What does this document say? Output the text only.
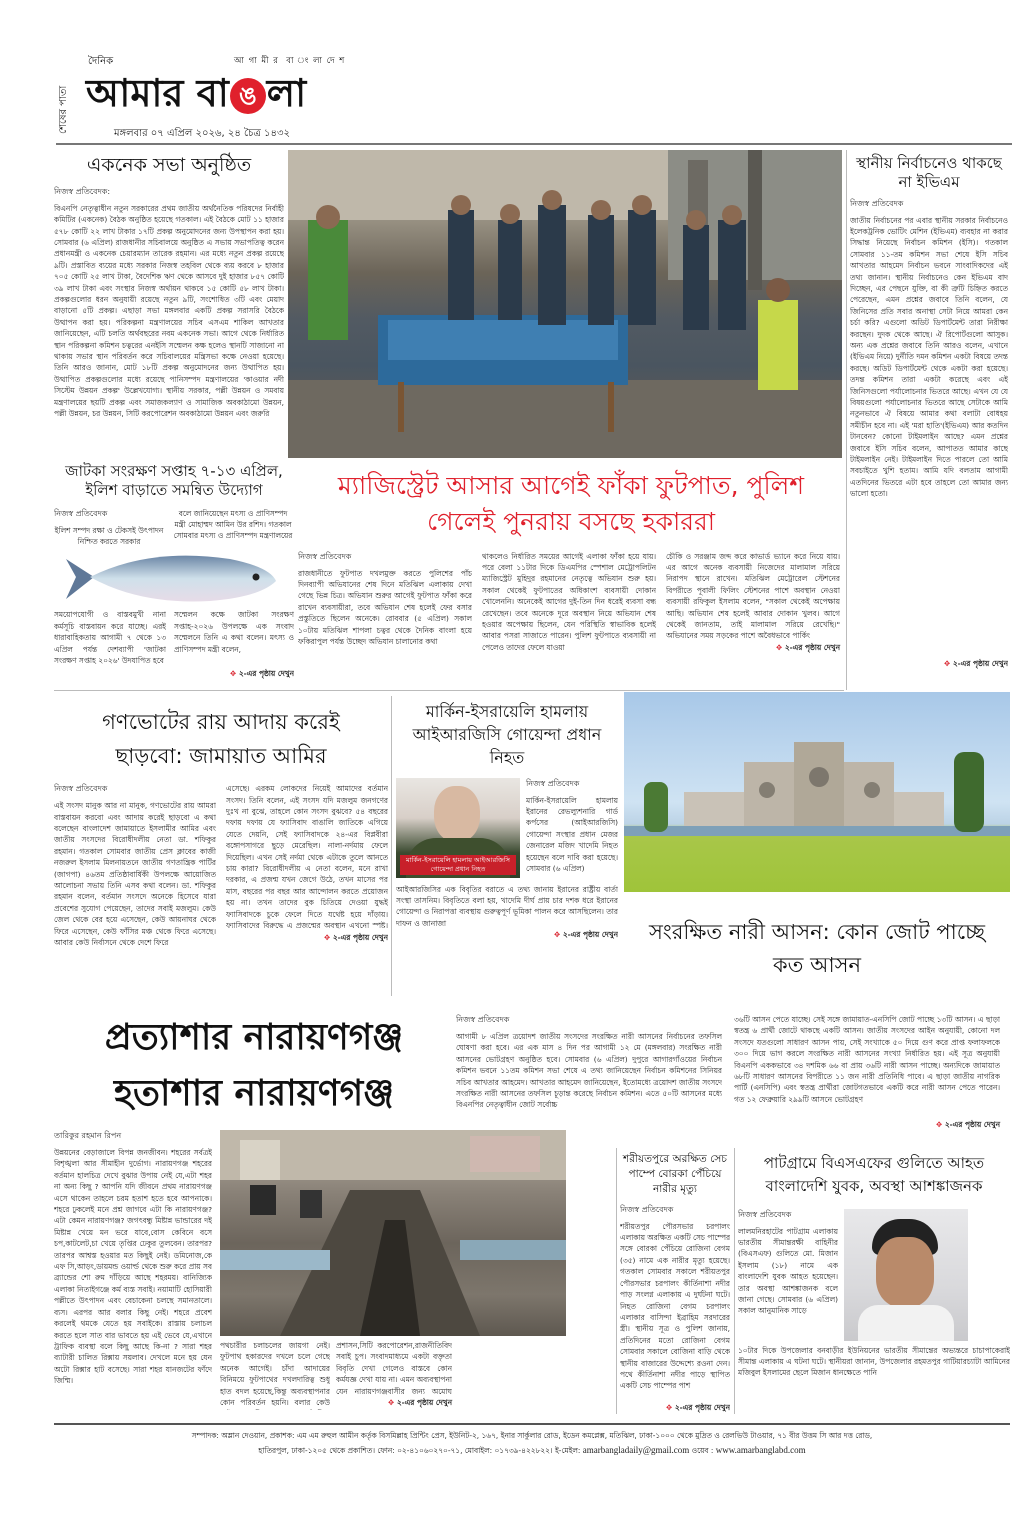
শেষের পাতা
দৈনিক	আ গা মী র  বা ং লা দে শ
আমার বা ঙ লা
মঙ্গলবার ০৭ এপ্রিল ২০২৬, ২৪ চৈত্র ১৪৩২
একনেক সভা অনুষ্ঠিত
নিজস্ব প্রতিবেদক:
বিএনপি নেতৃত্বাধীন নতুন সরকারের প্রথম জাতীয় অর্থনৈতিক পরিষদের নির্বাহী কমিটির (একনেক) বৈঠক অনুষ্ঠিত হয়েছে গতকাল। এই বৈঠকে মোট ১১ হাজার ৫৭৮ কোটি ২২ লাখ টাকার ১৭টি প্রকল্প অনুমোদনের জন্য উপস্থাপন করা হয়। সোমবার (৬ এপ্রিল) রাজধানীর সচিবালয়ে অনুষ্ঠিত এ সভায় সভাপতিত্ব করেন প্রধানমন্ত্রী ও একনেক চেয়ারম্যান তারেক রহমান। এর মধ্যে নতুন প্রকল্প রয়েছে ৯টি। প্রস্তাবিত ব্যয়ের মধ্যে সরকার নিজস্ব তহবিল থেকে ব্যয় করবে ৮ হাজার ৭০৫ কোটি ২৫ লাখ টাকা, বৈদেশিক ঋণ থেকে আসবে দুই হাজার ৮৫৭ কোটি ৩৯ লাখ টাকা এবং সংস্থার নিজস্ব অর্থায়ন থাকবে ১৫ কোটি ৫৮ লাখ টাকা। প্রকল্পগুলোর ধরন অনুযায়ী রয়েছে নতুন ৯টি, সংশোধিত ৩টি এবং মেয়াদ বাড়ানো ৫টি প্রকল্প। এছাড়া সভা মঙ্গলবার একটি প্রকল্প সরাসরি বৈঠকে উত্থাপন করা হয়। পরিকল্পনা মন্ত্রণালয়ের সচিব এসএম শাকিল আখতার জানিয়েছেন, এটি চলতি অর্থবছরের নবম একনেক সভা। আগে থেকে নির্ধারিত স্থান পরিকল্পনা কমিশন চত্বরের এনইসি সম্মেলন কক্ষ হলেও স্থানটি সাজানো না থাকায় সভার স্থান পরিবর্তন করে সচিবালয়ের মন্ত্রিসভা কক্ষে নেওয়া হয়েছে। তিনি আরও জানান, মোট ১৮টি প্রকল্প অনুমোদনের জন্য উত্থাপিত হয়। উত্থাপিত প্রকল্পগুলোর মধ্যে রয়েছে পানিসম্পদ মন্ত্রণালয়ের 'কাওয়ার নদী সিস্টেম উন্নয়ন প্রকল্প' উল্লেখযোগ্য। স্থানীয় সরকার, পল্লী উন্নয়ন ও সমবায় মন্ত্রণালয়ের ছয়টি প্রকল্প এবং সমাজকল্যাণ ও সামাজিক অবকাঠামো উন্নয়ন, পল্লী উন্নয়ন, চর উন্নয়ন, সিটি করপোরেশন অবকাঠামো উন্নয়ন এবং জরুরি
স্থানীয় নির্বাচনেও থাকছে না ইভিএম
নিজস্ব প্রতিবেদক
জাতীয় নির্বাচনের পর এবার স্থানীয় সরকার নির্বাচনেও ইলেকট্রনিক ভোটিং মেশিন (ইভিএম) ব্যবহার না করার সিদ্ধান্ত নিয়েছে নির্বাচন কমিশন (ইসি)। গতকাল সোমবার ১১-তম কমিশন সভা শেষে ইসি সচিব আখতার আহমেদ নির্বাচন ভবনে সাংবাদিকদের এই তথ্য জানান। স্থানীয় নির্বাচনেও কেন ইভিএম বাদ দিচ্ছেন, এর পেছনে যুক্তি, বা কী ত্রুটি চিহ্নিত করতে পেরেছেন, এমন প্রশ্নের জবাবে তিনি বলেন, যে জিনিসের প্রতি সবার অনাস্থা সেটা নিয়ে আমরা কেন চর্চা করি? এগুলো অডিট ডিপার্টমেন্ট তারা নিরীক্ষা করছেন। দুদক থেকে আছে। ঐ রিপোর্টগুলো আসুক। অন্য এক প্রশ্নের জবাবে তিনি আরও বলেন, এখানে (ইভিএম নিয়ে) দুর্নীতি দমন কমিশন একটা বিষয়ে তদন্ত করছে। অডিট ডিপার্টমেন্ট থেকে একটা করা হয়েছে। তদন্ত কমিশন তারা একটা করেছে এবং এই জিনিসগুলো পর্যালোচনার ভিতরে আছে। এখন যে যে বিষয়গুলো পর্যালোচনার ভিতরে আছে সেটাকে আমি নতুনভাবে ঐ বিষয়ে আমার কথা বলাটা বোধহয় সমীচীন হবে না। এই 'মরা হাতি'(ইভিএম) আর কতদিন টানবেন? কোনো টাইমলাইন আছে? এমন প্রশ্নের জবাবে ইসি সচিব বলেন, আপাতত আমার কাছে টাইমলাইন নেই। টাইমলাইন দিতে পারলে তো আমি সবচাইতে খুশি হতাম। আমি যদি বলতাম আগামী এতদিনের ভিতরে এটা হবে তাহলে তো আমার জন্য ভালো হতো।
✥ ২-এর পৃষ্ঠায় দেখুন
জাটকা সংরক্ষণ সপ্তাহ ৭-১৩ এপ্রিল, ইলিশ বাড়াতে সমন্বিত উদ্যোগ
নিজস্ব প্রতিবেদক
ইলিশ সম্পদ রক্ষা ও টেকসই উৎপাদন নিশ্চিত করতে সরকার
বলে জানিয়েছেন মৎস্য ও প্রাণিসম্পদ মন্ত্রী মোহাম্মদ আমিন উর রশিদ। গতকাল সোমবার মৎস্য ও প্রাণিসম্পদ মন্ত্রণালয়ের
সময়োপযোগী ও বাস্তবমুখী নানা কর্মসূচি বাস্তবায়ন করে যাচ্ছে। এরই ধারাবাহিকতায় আগামী ৭ থেকে ১৩ এপ্রিল পর্যন্ত দেশব্যাপী 'জাটকা সংরক্ষণ সপ্তাহ ২০২৬' উদযাপিত হবে
সম্মেলন কক্ষে জাটকা সংরক্ষণ সপ্তাহ-২০২৬ উপলক্ষে এক সংবাদ সম্মেলনে তিনি এ কথা বলেন। মৎস্য ও প্রাণিসম্পদ মন্ত্রী বলেন,
✥ ২-এর পৃষ্ঠায় দেখুন
ম্যাজিস্ট্রেট আসার আগেই ফাঁকা ফুটপাত, পুলিশ গেলেই পুনরায় বসছে হকাররা
নিজস্ব প্রতিবেদক
রাজধানীতে ফুটপাত দখলমুক্ত করতে পুলিশের পাঁচ দিনব্যাপী অভিযানের শেষ দিনে মতিঝিল এলাকায় দেখা গেছে ভিন্ন চিত্র। অভিযান শুরুর আগেই ফুটপাত ফাঁকা করে রাখেন ব্যবসায়ীরা, তবে অভিযান শেষ হলেই ফের বসার প্রস্তুতিতে ছিলেন অনেকে। রোববার (৫ এপ্রিল) সকাল ১০টায় মতিঝিল শাপলা চত্বর থেকে দৈনিক বাংলা হয়ে ফকিরাপুল পর্যন্ত উচ্ছেদ অভিযান চালানোর কথা
থাকলেও নির্ধারিত সময়ের আগেই এলাকা ফাঁকা হয়ে যায়। পরে বেলা ১১টার দিকে ডিএমপির স্পেশাল মেট্রোপলিটন ম্যাজিস্ট্রেট মুহিদুর রহমানের নেতৃত্বে অভিযান শুরু হয়। সকাল থেকেই ফুটপাতের অধিকাংশ ব্যবসায়ী দোকান খোলেননি। অনেকেই আগের দুই-তিন দিন ধরেই ব্যবসা বন্ধ রেখেছেন। তবে অনেকে দূরে অবস্থান নিয়ে অভিযান শেষ হওয়ার অপেক্ষায় ছিলেন, যেন পরিস্থিতি স্বাভাবিক হলেই আবার পসরা সাজাতে পারেন। পুলিশ ফুটপাতে ব্যবসায়ী না পেলেও তাদের ফেলে যাওয়া
চৌকি ও সরঞ্জাম জব্দ করে কাভার্ড ভ্যানে করে নিয়ে যায়। এর আগে অনেক ব্যবসায়ী নিজেদের মালামাল সরিয়ে নিরাপদ স্থানে রাখেন। মতিঝিল মেট্রোরেল স্টেশনের বিপরীতে পূবালী ফিলিং স্টেশনের পাশে অবস্থান নেওয়া ব্যবসায়ী রফিকুল ইসলাম বলেন, "সকাল থেকেই অপেক্ষায় আছি। অভিযান শেষ হলেই আবার দোকান খুলব। আগে থেকেই জানতাম, তাই মালামাল সরিয়ে রেখেছি।" অভিযানের সময় সড়কের পাশে অবৈধভাবে পার্কিং
✥ ২-এর পৃষ্ঠায় দেখুন
গণভোটের রায় আদায় করেই ছাড়বো: জামায়াত আমির
নিজস্ব প্রতিবেদক
এই সংসদ মানুক আর না মানুক, গণভোটের রায় আমরা বাস্তবায়ন করবো এবং আদায় করেই ছাড়বো এ কথা বলেছেন বাংলাদেশ জামায়াতে ইসলামীর আমির এবং জাতীয় সংসদের বিরোধীদলীয় নেতা ডা. শফিকুর রহমান। গতকাল সোমবার জাতীয় প্রেস ক্লাবের কাজী নজরুল ইসলাম মিলনায়তনে জাতীয় গণতান্ত্রিক পার্টির (জাগপা) ৪৬তম প্রতিষ্ঠাবার্ষিকী উপলক্ষে আয়োজিত আলোচনা সভায় তিনি এসব কথা বলেন। ডা. শফিকুর রহমান বলেন, বর্তমান সংসদে অনেকে হিসেবে যারা প্রবেশের সুযোগ পেয়েছেন, তাদের সবাই মজলুম। কেউ জেল থেকে বের হয়ে এসেছেন, কেউ আয়নাঘর থেকে ফিরে এসেছেন, কেউ ফাঁসির মঞ্চ থেকে ফিরে এসেছে। আবার কেউ নির্বাসনে থেকে দেশে ফিরে
এসেছে। এরকম লোকদের নিয়েই আমাদের বর্তমান সংসদ। তিনি বলেন, এই সংসদ যদি মজলুম জনগণের দুঃখ না বুঝে, তাহলে কোন সংসদ বুঝবে? ৫৪ বছরের দফায় দফায় যে ফ্যাসিবাদ বাঙালি জাতিকে এগিয়ে যেতে দেয়নি, সেই ফ্যাসিবাদকে ২৪-এর বিপ্লবীরা বঙ্গোপসাগরে ছুড়ে মেরেছিল। নালা-নর্দমায় ফেলে দিয়েছিল। এখন সেই নর্দমা থেকে এটাকে তুলে আনতে চায় কারা? বিরোধীদলীয় এ নেতা বলেন, মনে রাখা দরকার, এ প্রজন্ম যখন জেগে উঠে, তখন মাসের পর মাস, বছরের পর বছর আর আন্দোলন করতে প্রয়োজন হয় না। তখন তাদের বুক চিতিয়ে দেওয়া যুদ্ধই ফ্যাসিবাদকে চুকে ফেলে দিতে যথেষ্ট হয়ে দাঁড়ায়। ফ্যাসিবাদের বিরুদ্ধে এ প্রজন্মের অবস্থান এখনো স্পষ্ট।
✥ ২-এর পৃষ্ঠায় দেখুন
মার্কিন-ইসরায়েলি হামলায় আইআরজিসি গোয়েন্দা প্রধান নিহত
মার্কিন-ইসরায়েলি হামলায় আইআরজিসি গোয়েন্দা প্রধান নিহত
নিজস্ব প্রতিবেদক
মার্কিন-ইসরায়েলি হামলায় ইরানের রেভল্যুশনারি গার্ড কর্পসের (আইআরজিসি) গোয়েন্দা সংস্থার প্রধান মেজর জেনারেল মজিদ খাদেমি নিহত হয়েছেন বলে দাবি করা হয়েছে। সোমবার (৬ এপ্রিল)
আইআরজিসির এক বিবৃতির বরাতে এ তথ্য জানায় ইরানের রাষ্ট্রীয় বার্তা সংস্থা তাসনিম। বিবৃতিতে বলা হয়, খাদেমি দীর্ঘ প্রায় চার দশক ধরে ইরানের গোয়েন্দা ও নিরাপত্তা ব্যবস্থায় গুরুত্বপূর্ণ ভূমিকা পালন করে আসছিলেন। তার দাফন ও জানাজা
✥ ২-এর পৃষ্ঠায় দেখুন	সংরক্ষিত নারী আসন: কোন জোট পাচ্ছে কত আসন
নিজস্ব প্রতিবেদক
আগামী ৮ এপ্রিল ত্রয়োদশ জাতীয় সংসদের সংরক্ষিত নারী আসনের নির্বাচনের তফসিল ঘোষণা করা হবে। এর এক মাস ৪ দিন পর আগামী ১২ মে (মঙ্গলবার) সংরক্ষিত নারী আসনের ভোটগ্রহণ অনুষ্ঠিত হবে। সোমবার (৬ এপ্রিল) দুপুরে আগারগাঁওয়ের নির্বাচন কমিশন ভবনে ১১তম কমিশন সভা শেষে এ তথ্য জানিয়েছেন নির্বাচন কমিশনের সিনিয়র সচিব আখতার আহমেদ। আখতার আহমেদ জানিয়েছেন, ইতোমধ্যে ত্রয়োদশ জাতীয় সংসদে সংরক্ষিত নারী আসনের তফসিল চূড়ান্ত করেছে নির্বাচন কমিশন। এতে ৫০টি আসনের মধ্যে বিএনপির নেতৃত্বাধীন জোট সর্বোচ্চ
৩৬টি আসন পেতে যাচ্ছে। সেই সঙ্গে জামায়াত-এনসিপি জোট পাচ্ছে ১৩টি আসন। এ ছাড়া স্বতন্ত্র ৬ প্রার্থী জোটে থাকছে একটি আসন। জাতীয় সংসদের আইন অনুযায়ী, কোনো দল সংসদে যতগুলো সাধারণ আসন পায়, সেই সংখ্যাকে ৫০ দিয়ে গুণ করে প্রাপ্ত ফলাফলকে ৩০০ দিয়ে ভাগ করলে সংরক্ষিত নারী আসনের সংখ্যা নির্ধারিত হয়। এই সূত্র অনুযায়ী বিএনপি এককভাবে ৩৪ দশমিক ৬৬ বা প্রায় ৩৬টি নারী আসন পাচ্ছে। অন্যদিকে জামায়াত ৬৮টি সাধারণ আসনের বিপরীতে ১১ জন নারী প্রতিনিধি পাবে। এ ছাড়া জাতীয় নাগরিক পার্টি (এনসিপি) এবং স্বতন্ত্র প্রার্থীরা জোটগতভাবে একটি করে নারী আসন পেতে পারেন। গত ১২ ফেব্রুয়ারি ২৯৯টি আসনে ভোটগ্রহণ
✥ ২-এর পৃষ্ঠায় দেখুন
প্রত্যাশার নারায়ণগঞ্জ
হতাশার নারায়ণগঞ্জ
তারিকুর রহমান রিপন
উন্নয়নের বেড়াজালে বিপন্ন জনজীবন। শহরের সর্বত্রই বিশৃঙ্খলা আর সীমাহীন দুর্ভোগ। নারায়ণগঞ্জ শহরের বর্তমান হালচিত্র দেখে বুঝার উপায় নেই যে,এটা শহর না অন্য কিছু ? আপনি যদি জীবনে প্রথম নারায়ণগঞ্জ এসে থাকেন তাহলে চরম হতাশ হতে হবে আপনাকে। শহরে ঢুকলেই মনে প্রশ্ন জাগবে এটা কি নারায়ণগঞ্জ? এটা কেমন নারায়ণগঞ্জ? জগৎবন্ধু মিষ্টান্ন ভান্ডারের দই মিষ্টান্ন খেয়ে মন ভরে যাবে,বোস কেবিনে বসে চপ,কাটলেট,চা খেয়ে তৃপ্তির ঢেকুর তুলবেন। তারপর? তারপর আশ্বস্ত হওয়ার মত কিছুই নেই। ডমিনোজ,কে এফ সি,আড়ং,ডায়মন্ড ওয়ার্ল্ড থেকে শুরু করে প্রায় সব ব্র্যান্ডের শো রুম দাঁড়িয়ে আছে শহরময়। বানিজ্যিক এলাকা নিতাইগঞ্জে কর্ম ব্যস্ত সবাই। নয়ামাটি হোসিয়ারী পল্লীতে উৎপাদন এবং বেচাকেনা চলছে সমানতালে। ব্যস। এরপর আর বলার কিছু নেই। শহরে প্রবেশ করলেই থমকে যেতে হয় সবাইকে। রাস্তায় চলাচল করতে হলে সাত বার ভাবতে হয় এই ভেবে যে,এখানে ট্রাফিক ব্যবস্থা বলে কিছু আছে কি-না ? সারা শহর ব্যাটারী চালিত রিক্সায় সয়লাব। দেখলে মনে হয় যেন অটো রিক্সার হাট বসেছে। সারা শহর যানজটের ফাঁদে জিম্মি।
পথচারীর চলাচলের জায়গা নেই। ফুটপাথ হকারদের দখলে চলে গেছে অনেক আগেই। চাঁদা আদায়ের বিনিময়ে ফুটপাথের দখলদারিত্ব শুধু হাত বদল হয়েছে,কিন্তু অব্যবস্থাপনার কোন পরিবর্তন হয়নি। বলার কেউ
প্রশাসন,সিটি করপোরেশন,রাজনীতিবিদ সবাই চুপ। সংবাদমাধ্যমে একটা বক্তৃতা বিবৃতি দেখা গেলেও বাস্তবে কোন কর্মযজ্ঞ দেখা যায় না। এমন অব্যবস্থাপনা যেন নারায়ণগঞ্জবাসীর জন্য অমোঘ
✥ ২-এর পৃষ্ঠায় দেখুন
শরীয়তপুরে অরক্ষিত সেচ পাম্পে বোরকা পেঁচিয়ে নারীর মৃত্যু
নিজস্ব প্রতিবেদক
শরীয়তপুর পৌরসভার চরপালং এলাকায় অরক্ষিত একটি সেচ পাম্পের সঙ্গে বোরকা পেঁচিয়ে রোজিনা বেগম (৩৫) নামে এক নারীর মৃত্যু হয়েছে। গতকাল সোমবার সকালে শরীয়তপুর পৌরসভার চরপালং কীর্তিনাশা নদীর পাড় সংলগ্ন এলাকায় এ দুর্ঘটনা ঘটে। নিহত রোজিনা বেগম চরপালং এলাকার বাসিন্দা ইব্রাহিম সরদারের স্ত্রী। স্থানীয় সূত্র ও পুলিশ জানায়, প্রতিদিনের মতো রোজিনা বেগম সোমবার সকালে বোজিনা বাড়ি থেকে স্থানীয় বাজারের উদ্দেশ্যে রওনা দেন। পথে কীর্তিনাশা নদীর পাড়ে স্থাপিত একটি সেচ পাম্পের পাশ
✥ ২-এর পৃষ্ঠায় দেখুন
পাটগ্রামে বিএসএফের গুলিতে আহত বাংলাদেশি যুবক, অবস্থা আশঙ্কাজনক
নিজস্ব প্রতিবেদক
লালমনিরহাটের পাটগ্রাম এলাকায় ভারতীয় সীমান্তরক্ষী বাহিনীর (বিএসএফ) গুলিতে মো. মিজান ইসলাম (১৮) নামে এক বাংলাদেশি যুবক আহত হয়েছেন। তার অবস্থা আশঙ্কাজনক বলে জানা গেছে। সোমবার (৬ এপ্রিল) সকাল আনুমানিক সাড়ে
১০টার দিকে উপজেলার বনবাড়ীর ইউনিয়নের ভারতীয় সীমান্তের অভ্যন্তরে চাচাপাকেরাই সীমান্ত এলাকায় এ ঘটনা ঘটে। স্থানীয়রা জানান, উপজেলার রহমতপুর গাটিয়ারচ্যাটা আমিনের মজিবুল ইসলামের ছেলে মিজান ধানক্ষেতে পানি
সম্পাদক: অম্লান দেওয়ান, প্রকাশক: এম এম রুহুল আমীন কর্তৃক বিসমিল্লাহ প্রিন্টিং প্রেস, ইউনিট-২, ১৬৭, ইনার সার্কুলার রোড, ইডেন কমপ্লেক্স, মতিঝিল, ঢাকা-১০০০ থেকে মুদ্রিত ও রেলভিউ টাওয়ার, ৭১ বীর উত্তম সি আর দত্ত রোড,
হাতিরপুল, ঢাকা-১২০৫ থেকে প্রকাশিত। ফোন: ০২-৪১০৬০২৭০-৭১, মোবাইল: ০১৭৩৯-৪২২৮২২। ই-মেইল: amarbangladaily@gmail.com ওয়েব : www.amarbanglabd.com
